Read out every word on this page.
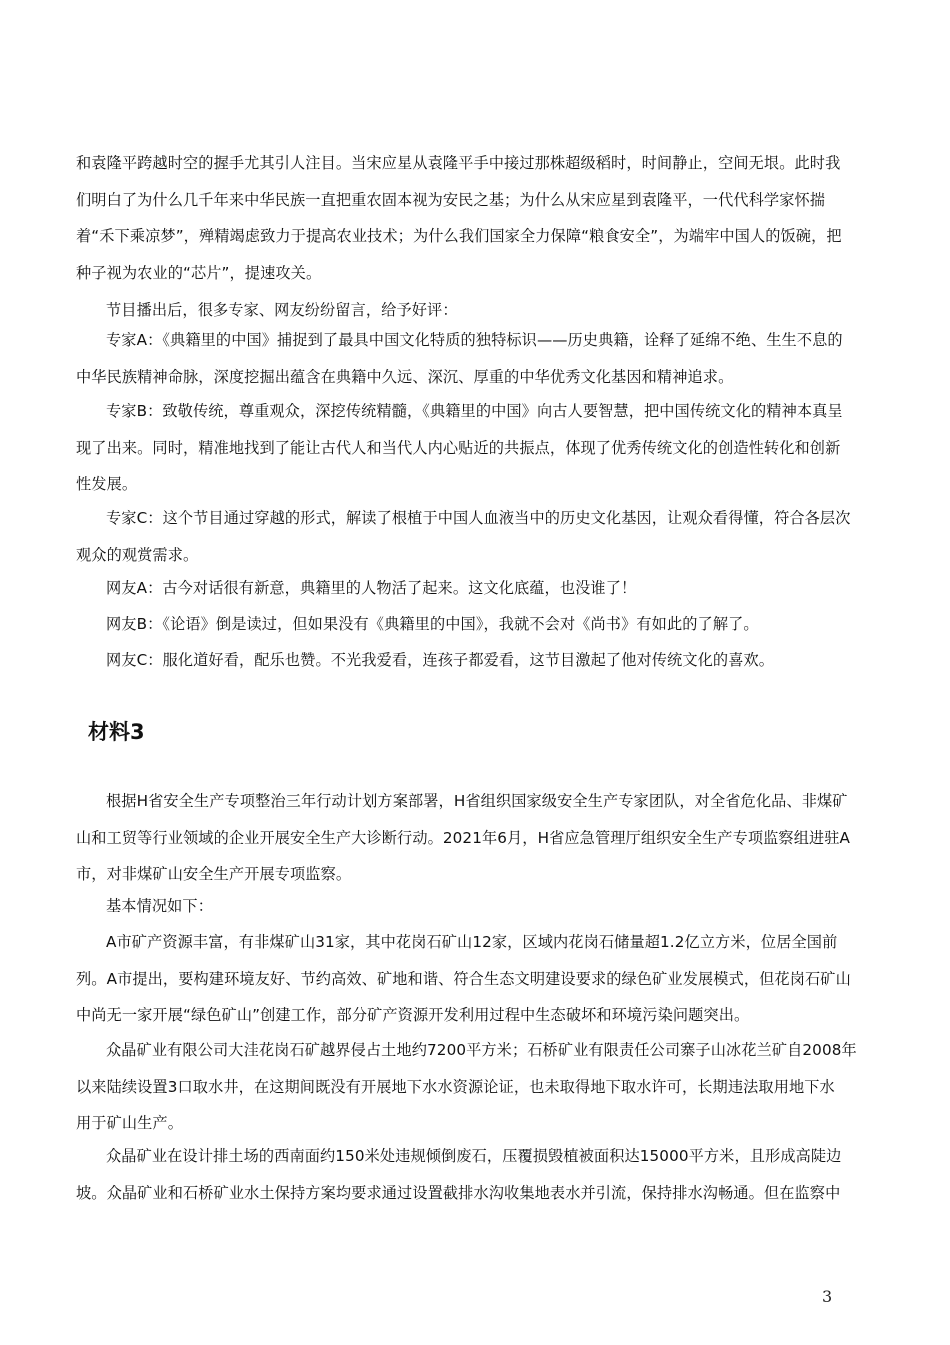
和袁隆平跨越时空的握手尤其引人注目。当宋应星从袁隆平手中接过那株超级稻时，时间静止，空间无垠。此时我
们明白了为什么几千年来中华民族一直把重农固本视为安民之基；为什么从宋应星到袁隆平，一代代科学家怀揣
着“禾下乘凉梦”，殚精竭虑致力于提高农业技术；为什么我们国家全力保障“粮食安全”，为端牢中国人的饭碗，把
种子视为农业的“芯片”，提速攻关。
节目播出后，很多专家、网友纷纷留言，给予好评：
专家A：《典籍里的中国》捕捉到了最具中国文化特质的独特标识——历史典籍，诠释了延绵不绝、生生不息的
中华民族精神命脉，深度挖掘出蕴含在典籍中久远、深沉、厚重的中华优秀文化基因和精神追求。
专家B：致敬传统，尊重观众，深挖传统精髓，《典籍里的中国》向古人要智慧，把中国传统文化的精神本真呈
现了出来。同时，精准地找到了能让古代人和当代人内心贴近的共振点，体现了优秀传统文化的创造性转化和创新
性发展。
专家C：这个节目通过穿越的形式，解读了根植于中国人血液当中的历史文化基因，让观众看得懂，符合各层次
观众的观赏需求。
网友A：古今对话很有新意，典籍里的人物活了起来。这文化底蕴，也没谁了！
网友B：《论语》倒是读过，但如果没有《典籍里的中国》，我就不会对《尚书》有如此的了解了。
网友C：服化道好看，配乐也赞。不光我爱看，连孩子都爱看，这节目激起了他对传统文化的喜欢。
材料3
根据H省安全生产专项整治三年行动计划方案部署，H省组织国家级安全生产专家团队，对全省危化品、非煤矿
山和工贸等行业领域的企业开展安全生产大诊断行动。2021年6月，H省应急管理厅组织安全生产专项监察组进驻A
市，对非煤矿山安全生产开展专项监察。
基本情况如下：
A市矿产资源丰富，有非煤矿山31家，其中花岗石矿山12家，区域内花岗石储量超1.2亿立方米，位居全国前
列。A市提出，要构建环境友好、节约高效、矿地和谐、符合生态文明建设要求的绿色矿业发展模式，但花岗石矿山
中尚无一家开展“绿色矿山”创建工作，部分矿产资源开发利用过程中生态破坏和环境污染问题突出。
众晶矿业有限公司大洼花岗石矿越界侵占土地约7200平方米；石桥矿业有限责任公司寨子山冰花兰矿自2008年
以来陆续设置3口取水井，在这期间既没有开展地下水水资源论证，也未取得地下取水许可，长期违法取用地下水
用于矿山生产。
众晶矿业在设计排土场的西南面约150米处违规倾倒废石，压覆损毁植被面积达15000平方米，且形成高陡边
坡。众晶矿业和石桥矿业水土保持方案均要求通过设置截排水沟收集地表水并引流，保持排水沟畅通。但在监察中
3
